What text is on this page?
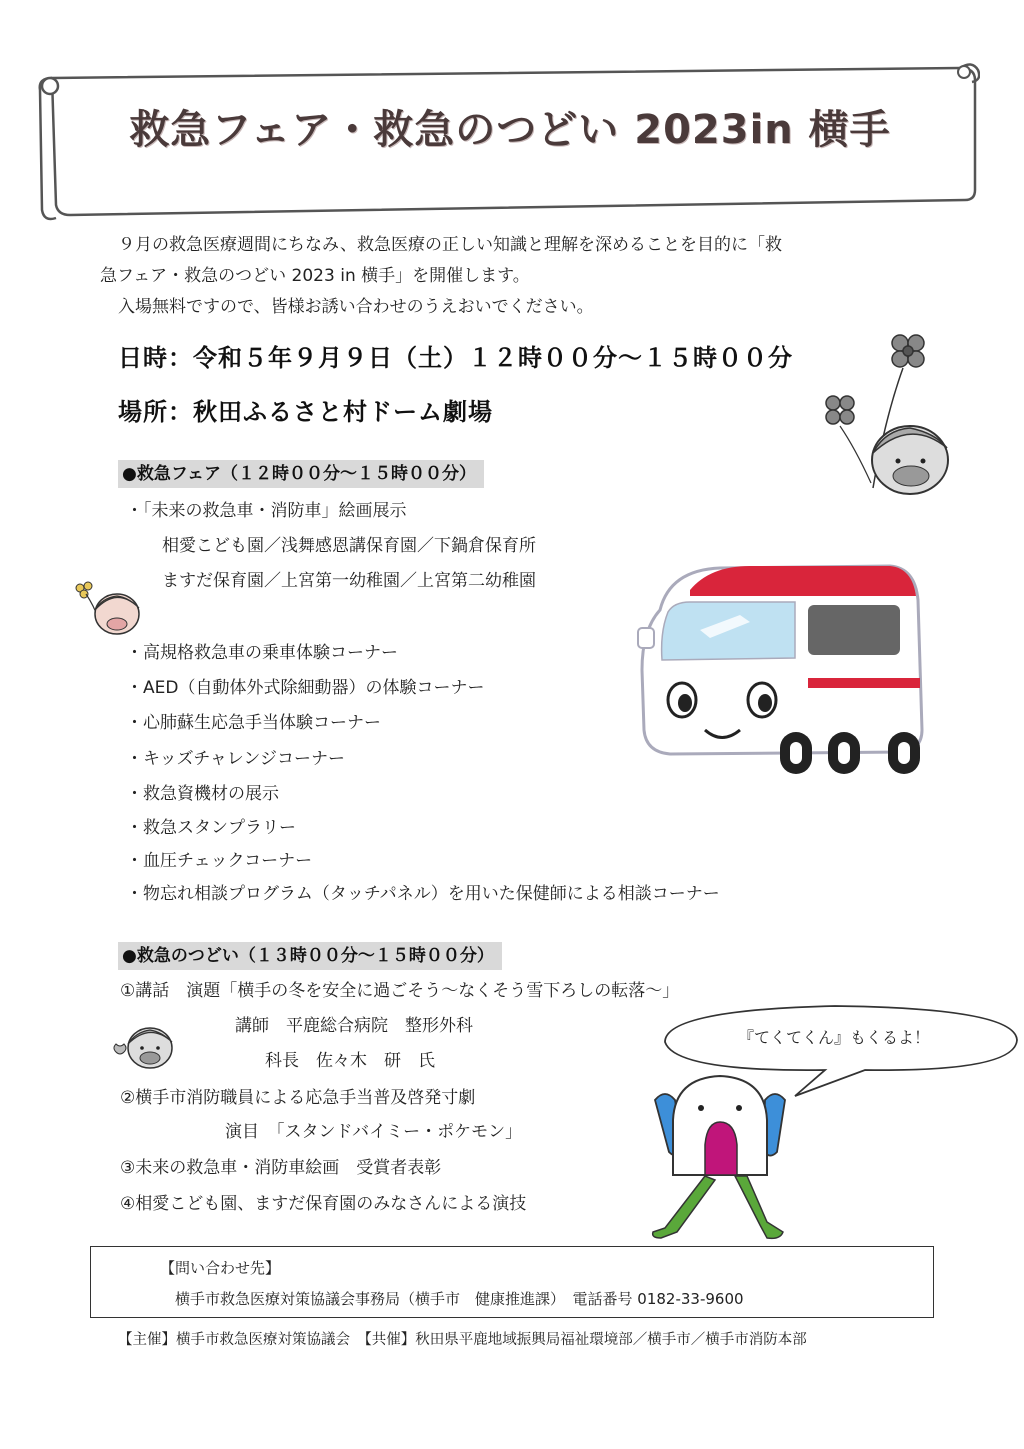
救急フェア・救急のつどい 2023in 横手

９月の救急医療週間にちなみ、救急医療の正しい知識と理解を深めることを目的に「救

急フェア・救急のつどい 2023 in 横手」を開催します。

入場無料ですので、皆様お誘い合わせのうえおいでください。

日時：令和５年９月９日（土）１２時００分～１５時００分
場所：秋田ふるさと村ドーム劇場
●救急フェア（１２時００分～１５時００分）
・「未来の救急車・消防車」絵画展示
相愛こども園／浅舞感恩講保育園／下鍋倉保育所
ますだ保育園／上宮第一幼稚園／上宮第二幼稚園
・高規格救急車の乗車体験コーナー
・AED（自動体外式除細動器）の体験コーナー
・心肺蘇生応急手当体験コーナー
・キッズチャレンジコーナー
・救急資機材の展示
・救急スタンプラリー
・血圧チェックコーナー
・物忘れ相談プログラム（タッチパネル）を用いた保健師による相談コーナー
●救急のつどい（１３時００分～１５時００分）
①講話　演題「横手の冬を安全に過ごそう～なくそう雪下ろしの転落～」
講師　平鹿総合病院　整形外科
科長　佐々木　研　氏
②横手市消防職員による応急手当普及啓発寸劇
演目　「スタンドバイミー・ポケモン」
③未来の救急車・消防車絵画　受賞者表彰
④相愛こども園、ますだ保育園のみなさんによる演技
『てくてくん』もくるよ！
【問い合わせ先】
横手市救急医療対策協議会事務局（横手市　健康推進課）　電話番号 0182-33-9600
【主催】横手市救急医療対策協議会　【共催】秋田県平鹿地域振興局福祉環境部／横手市／横手市消防本部
